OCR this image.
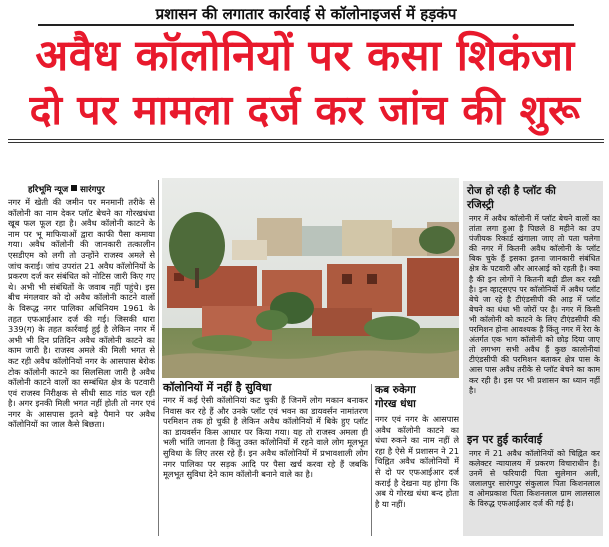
प्रशासन की लगातार कार्रवाई से कॉलोनाइजर्स में हड़कंप
अवैध कॉलोनियों पर कसा शिकंजा
दो पर मामला दर्ज कर जांच की शुरू
हरिभूमि न्यूज सारंगपुर

नगर में खेती की जमीन पर मनमानी तरीके से कॉलोनी का नाम देकर प्लॉट बेचने का गोरखधंधा खूब फल फूल रहा है। अवैध कॉलोनी काटने के नाम पर भू माफियाओं द्वारा काफी पैसा कमाया गया। अवैध कॉलोनी की जानकारी तत्कालीन एसडीएम को लगी तो उन्होंने राजस्व अमले से जांच कराई। जांच उपरांत 21 अवैध कॉलोनियों के प्रकरण दर्ज कर संबंधित को नोटिस जारी किए गए थे। अभी भी संबंधितों के जवाब नहीं पहुंचे। इस बीच मंगलवार को दो अवैध कॉलोनी काटने वालों के विरूद्ध नगर पालिका अधिनियम 1961 के तहत एफआईआर दर्ज की गई। जिसकी धारा 339(ग) के तहत कार्रवाई हुई है लेकिन नगर में अभी भी दिन प्रतिदिन अवैध कॉलोनी काटने का काम जारी है। राजस्व अमले की मिली भगत से कट रही अवैध कॉलोनियों नगर के आसपास बेरोक टोक कॉलोनी काटने का सिलसिला जारी है अवैध कॉलोनी काटने वालों का सम्बंधित क्षेत्र के पटवारी एवं राजस्व निरीक्षक से सीधी साठ गांठ चल रही है। अगर इनकी मिली भगत नहीं होती तो नगर एवं नगर के आसपास इतने बड़े पैमाने पर अवैध कॉलोनियों का जाल कैसे बिछता।

कॉलोनियों में नहीं है सुविधा

नगर में कई ऐसी कॉलोनियां कट चुकी हैं जिनमें लोग मकान बनाकर निवास कर रहे हैं और उनके प्लॉट एवं भवन का डायवर्सन नामांतरण परमिशन तक हो चुकी है लेकिन अवैध कॉलोनियों में बिके हुए प्लॉट का डायवर्सन किस आधार पर किया गया। यह तो राजस्व अमला ही भली भांति जानता है किंतु उक्त कॉलोनियों में रहने वाले लोग मूलभूत सुविधा के लिए तरस रहे हैं। इन अवैध कॉलोनियों में प्रभावशाली लोग नगर पालिका पर सड़क आदि पर पैसा खर्च करवा रहे हैं जबकि मूलभूत सुविधा देने काम कॉलोनी बनाने वाले का है।

कब रुकेगा
गोरख धंधा

नगर एवं नगर के आसपास अवैध कॉलोनी काटने का धंधा रुकने का नाम नहीं ले रहा है ऐसे में प्रशासन ने 21 चिह्नित अवैध कॉलोनियों में से दो पर एफआईआर दर्ज कराई है देखना यह होगा कि अब ये गोरख धंधा बन्द होता है या नहीं।

रोज हो रही है प्लॉट की
रजिस्ट्री

नगर में अवैध कॉलोनी में प्लॉट बेचने वालों का तांता लगा हुआ है पिछले 8 महीने का उप पंजीयक रिकार्ड खंगाला जाए तो पता चलेगा की नगर में कितनी अवैध कॉलोनी के प्लॉट बिक चुके हैं इसका इतना जानकारी संबंधित क्षेत्र के पटवारी और आरआई को रहती है। क्या है की इन लोगों ने कितनी बड़ी डील कर रखी है। इन व्हाट्सएप पर कॉलोनियों में अवैध प्लॉट बेचे जा रहे है टीएंडसीपी की आड़ में प्लॉट बेचने का धंधा भी जोरों पर है। नगर में किसी भी कॉलोनी को काटने के लिए टीएंडसीपी की परमिशन होना आवश्यक है किंतु नगर में रेरा के अंतर्गत एक भाग कॉलोनी को छोड़ दिया जाए तो लगभग सभी अवैध हैं कुछ कालोनीयां टीएंडसीपी की परमिशन बताकर क्षेत्र पास के आस पास अवैध तरीके से प्लॉट बेचने का काम कर रही है। इस पर भी प्रशासन का ध्यान नहीं है।

इन पर हुई कार्रवाई

नगर में 21 अवैध कॉलोनियों को चिह्नित कर कलेक्टर न्यायालय में प्रकरण विचाराधीन है। उनमें से फरियादी पिता सुलेमान अली, जलालपुर सारंगपुर संकुलाल पिता किशनलाल व ओमप्रकाश पिता किशनलाल ग्राम लालसाल के विरुद्ध एफआईआर दर्ज की गई है।
